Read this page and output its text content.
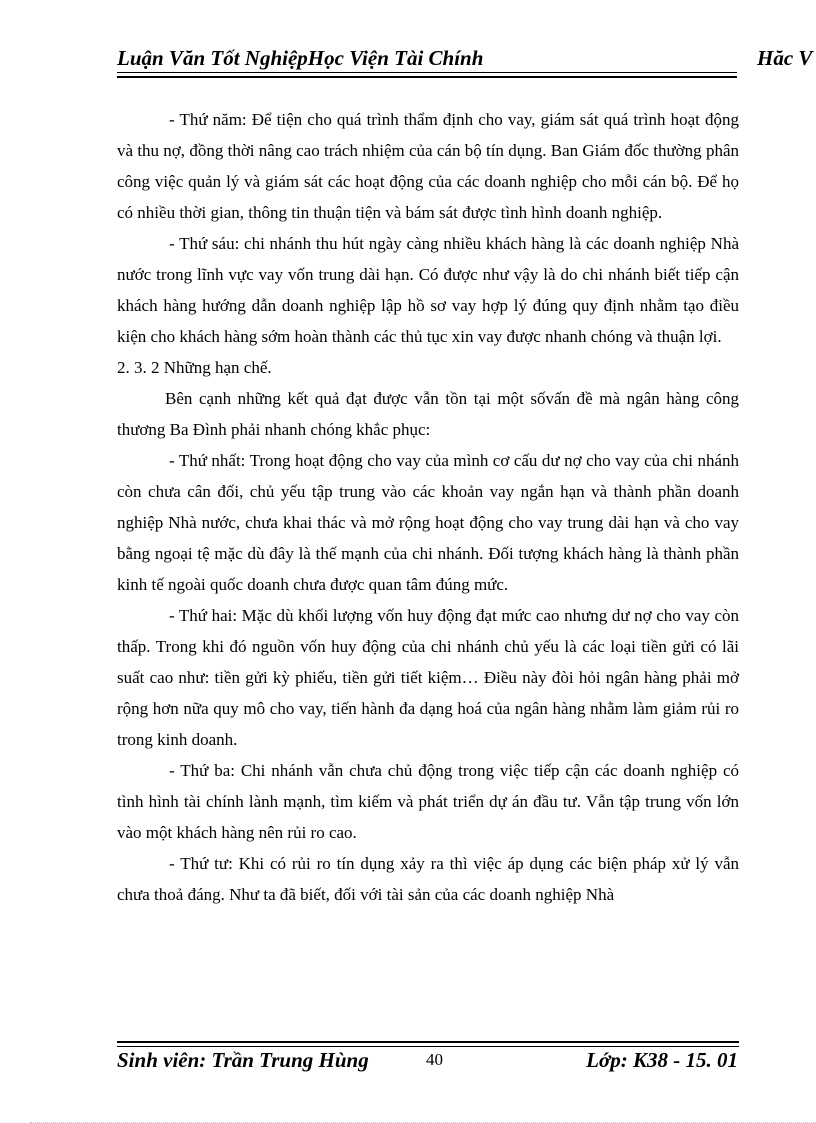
Luận Văn Tốt NghiệpHọc Viện Tài Chính	Hăc V

- Thứ năm: Để tiện cho quá trình thẩm định cho vay, giám sát quá trình hoạt động và thu nợ, đồng thời nâng cao trách nhiệm của cán bộ tín dụng. Ban Giám đốc thường phân công việc quản lý và giám sát các hoạt động của các doanh nghiệp cho mỗi cán bộ. Để họ có nhiều thời gian, thông tin thuận tiện và bám sát được tình hình doanh nghiệp.

- Thứ sáu: chi nhánh thu hút ngày càng nhiều khách hàng là các doanh nghiệp Nhà nước trong lĩnh vực vay vốn trung dài hạn. Có được như vậy là do chi nhánh biết tiếp cận khách hàng hướng dẫn doanh nghiệp lập hồ sơ vay hợp lý đúng quy định nhằm tạo điều kiện cho khách hàng sớm hoàn thành các thủ tục xin vay được nhanh chóng và thuận lợi.

2. 3. 2 Những hạn chế.

Bên cạnh những kết quả đạt được vẫn tồn tại một sốvấn đề mà ngân hàng công thương Ba Đình phải nhanh chóng khắc phục:

- Thứ nhất: Trong hoạt động cho vay của mình cơ cấu dư nợ cho vay của chi nhánh còn chưa cân đối, chủ yếu tập trung vào các khoản vay ngắn hạn và thành phần doanh nghiệp Nhà nước, chưa khai thác và mở rộng hoạt động cho vay trung dài hạn và cho vay bằng ngoại tệ mặc dù đây là thế mạnh của chi nhánh. Đối tượng khách hàng là thành phần kinh tế ngoài quốc doanh chưa được quan tâm đúng mức.

- Thứ hai: Mặc dù khối lượng vốn huy động đạt mức cao nhưng dư nợ cho vay còn thấp. Trong khi đó nguồn vốn huy động của chi nhánh chủ yếu là các loại tiền gửi có lãi suất cao như: tiền gửi kỳ phiếu, tiền gửi tiết kiệm… Điều này đòi hỏi ngân hàng phải mở rộng hơn nữa quy mô cho vay, tiến hành đa dạng hoá của ngân hàng nhằm làm giảm rủi ro trong kinh doanh.

- Thứ ba: Chi nhánh vẫn chưa chủ động trong việc tiếp cận các doanh nghiệp có tình hình tài chính lành mạnh, tìm kiếm và phát triển dự án đầu tư. Vẫn tập trung vốn lớn vào một khách hàng nên rủi ro cao.

- Thứ tư: Khi có rủi ro tín dụng xảy ra thì việc áp dụng các biện pháp xử lý vẫn chưa thoả đáng. Như ta đã biết, đối với tài sản của các doanh nghiệp Nhà

Sinh viên: Trần Trung Hùng	40	Lớp: K38 - 15. 01
